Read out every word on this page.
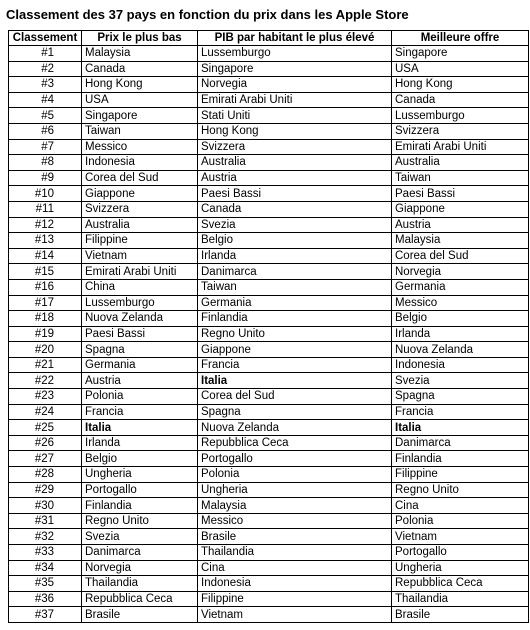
Classement des 37 pays en fonction du prix dans les Apple Store
Classement	Prix le plus bas	PIB par habitant le plus élevé	Meilleure offre
#1	Malaysia	Lussemburgo	Singapore
#2	Canada	Singapore	USA
#3	Hong Kong	Norvegia	Hong Kong
#4	USA	Emirati Arabi Uniti	Canada
#5	Singapore	Stati Uniti	Lussemburgo
#6	Taiwan	Hong Kong	Svizzera
#7	Messico	Svizzera	Emirati Arabi Uniti
#8	Indonesia	Australia	Australia
#9	Corea del Sud	Austria	Taiwan
#10	Giappone	Paesi Bassi	Paesi Bassi
#11	Svizzera	Canada	Giappone
#12	Australia	Svezia	Austria
#13	Filippine	Belgio	Malaysia
#14	Vietnam	Irlanda	Corea del Sud
#15	Emirati Arabi Uniti	Danimarca	Norvegia
#16	China	Taiwan	Germania
#17	Lussemburgo	Germania	Messico
#18	Nuova Zelanda	Finlandia	Belgio
#19	Paesi Bassi	Regno Unito	Irlanda
#20	Spagna	Giappone	Nuova Zelanda
#21	Germania	Francia	Indonesia
#22	Austria	Italia	Svezia
#23	Polonia	Corea del Sud	Spagna
#24	Francia	Spagna	Francia
#25	Italia	Nuova Zelanda	Italia
#26	Irlanda	Repubblica Ceca	Danimarca
#27	Belgio	Portogallo	Finlandia
#28	Ungheria	Polonia	Filippine
#29	Portogallo	Ungheria	Regno Unito
#30	Finlandia	Malaysia	Cina
#31	Regno Unito	Messico	Polonia
#32	Svezia	Brasile	Vietnam
#33	Danimarca	Thailandia	Portogallo
#34	Norvegia	Cina	Ungheria
#35	Thailandia	Indonesia	Repubblica Ceca
#36	Repubblica Ceca	Filippine	Thailandia
#37	Brasile	Vietnam	Brasile
